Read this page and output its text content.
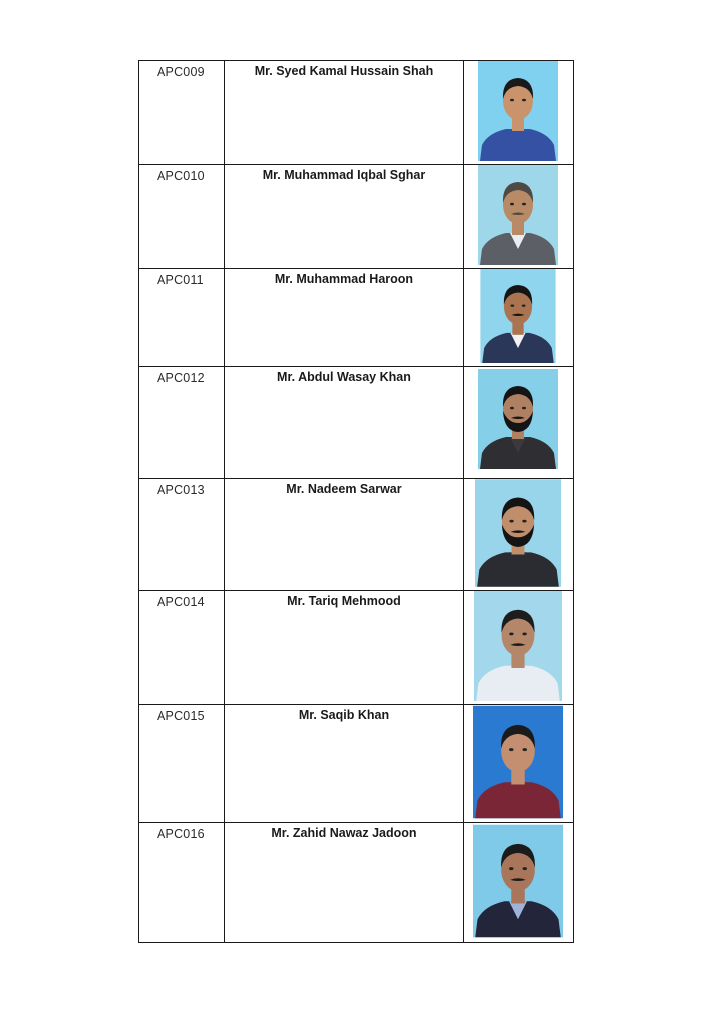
APC009	Mr. Syed Kamal Hussain Shah	

APC010	Mr. Muhammad Iqbal Sghar	

APC011	Mr. Muhammad Haroon	

APC012	Mr. Abdul Wasay Khan	

APC013	Mr. Nadeem Sarwar	

APC014	Mr. Tariq Mehmood	

APC015	Mr. Saqib Khan	

APC016	Mr. Zahid Nawaz Jadoon	
